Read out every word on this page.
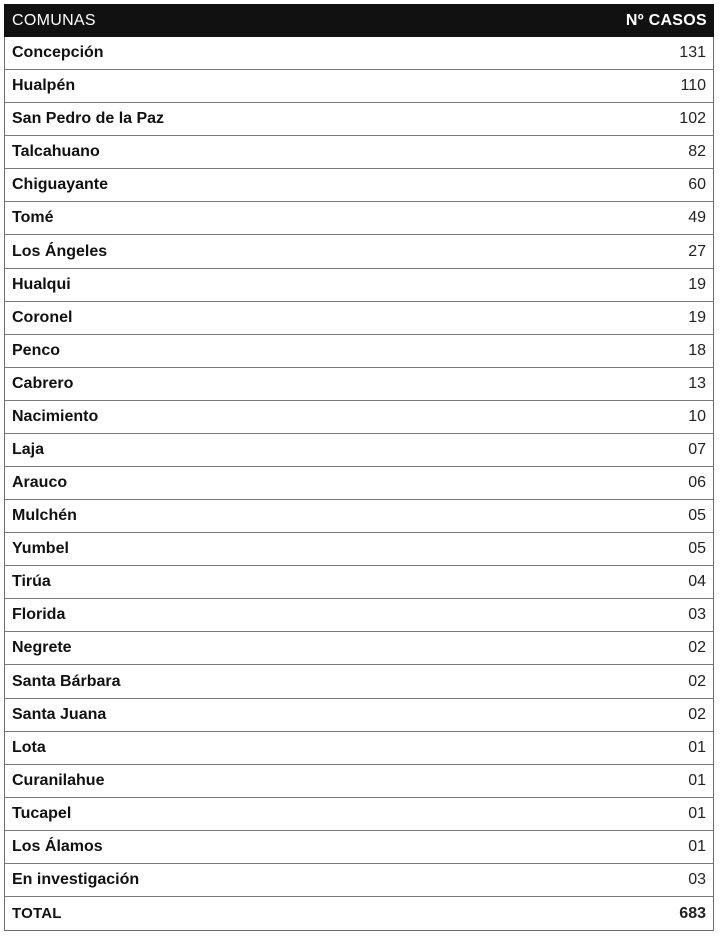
COMUNAS	Nº CASOS
Concepción	131
Hualpén	110
San Pedro de la Paz	102
Talcahuano	82
Chiguayante	60
Tomé	49
Los Ángeles	27
Hualqui	19
Coronel	19
Penco	18
Cabrero	13
Nacimiento	10
Laja	07
Arauco	06
Mulchén	05
Yumbel	05
Tirúa	04
Florida	03
Negrete	02
Santa Bárbara	02
Santa Juana	02
Lota	01
Curanilahue	01
Tucapel	01
Los Álamos	01
En investigación	03
TOTAL	683
